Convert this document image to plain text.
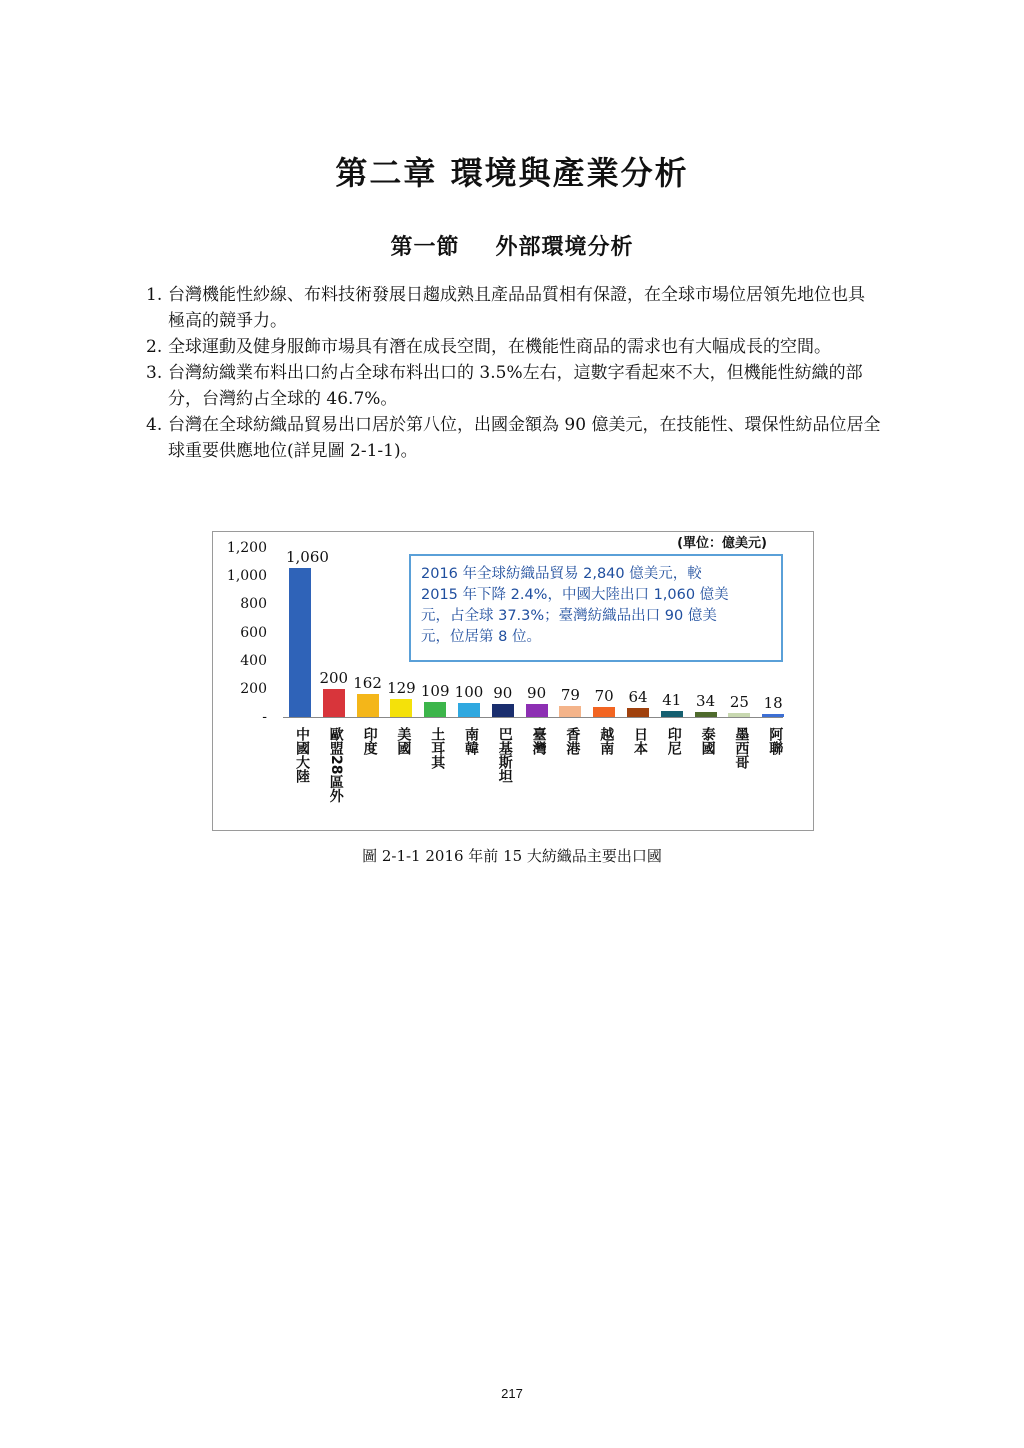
第二章 環境與產業分析
第一節 外部環境分析
1. 台灣機能性紗線、布料技術發展日趨成熟且產品品質相有保證，在全球市場位居領先地位也具極高的競爭力。
2. 全球運動及健身服飾市場具有潛在成長空間，在機能性商品的需求也有大幅成長的空間。
3. 台灣紡織業布料出口約占全球布料出口的 3.5%左右，這數字看起來不大，但機能性紡織的部分，台灣約占全球的 46.7%。
4. 台灣在全球紡織品貿易出口居於第八位，出國金額為 90 億美元，在技能性、環保性紡品位居全球重要供應地位(詳見圖 2-1-1)。
(單位：億美元)
2016 年全球紡織品貿易 2,840 億美元，較
2015 年下降 2.4%，中國大陸出口 1,060 億美
元，占全球 37.3%；臺灣紡織品出口 90 億美
元，位居第 8 位。
1,200
1,000
800
600
400
200
-
1,060
中國大陸
200
歐盟28區外
162
印度
129
美國
109
土耳其
100
南韓
90
巴基斯坦
90
臺灣
79
香港
70
越南
64
日本
41
印尼
34
泰國
25
墨西哥
18
阿聯

圖 2-1-1 2016 年前 15 大紡織品主要出口國

217
